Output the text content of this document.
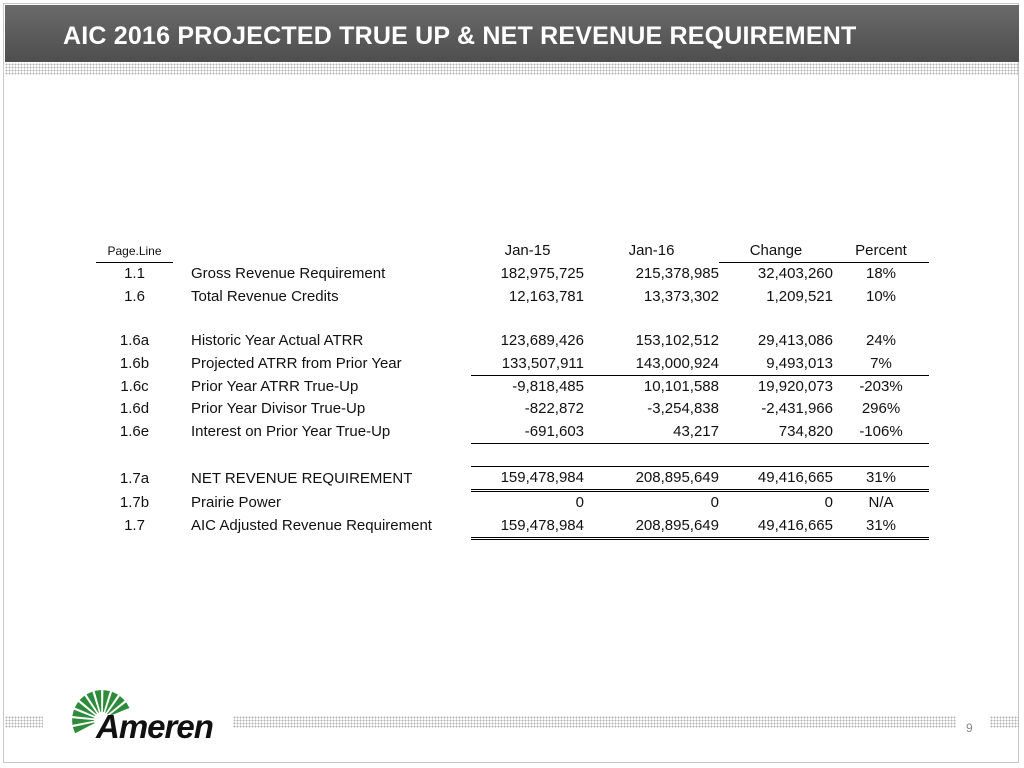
AIC 2016 PROJECTED TRUE UP & NET REVENUE REQUIREMENT
Page.Line			Jan-15	Jan-16	Change	Percent
1.1		Gross Revenue Requirement	182,975,725	215,378,985	32,403,260	18%
1.6		Total Revenue Credits	12,163,781	13,373,302	1,209,521	10%

1.6a		Historic Year Actual ATRR	123,689,426	153,102,512	29,413,086	24%
1.6b		Projected ATRR from Prior Year	133,507,911	143,000,924	9,493,013	7%
1.6c		Prior Year ATRR True-Up	-9,818,485	10,101,588	19,920,073	-203%
1.6d		Prior Year Divisor True-Up	-822,872	-3,254,838	-2,431,966	296%
1.6e		Interest on Prior Year True-Up	-691,603	43,217	734,820	-106%

1.7a		NET REVENUE REQUIREMENT	159,478,984	208,895,649	49,416,665	31%
1.7b		Prairie Power	0	0	0	N/A
1.7		AIC Adjusted Revenue Requirement	159,478,984	208,895,649	49,416,665	31%
Ameren	9
